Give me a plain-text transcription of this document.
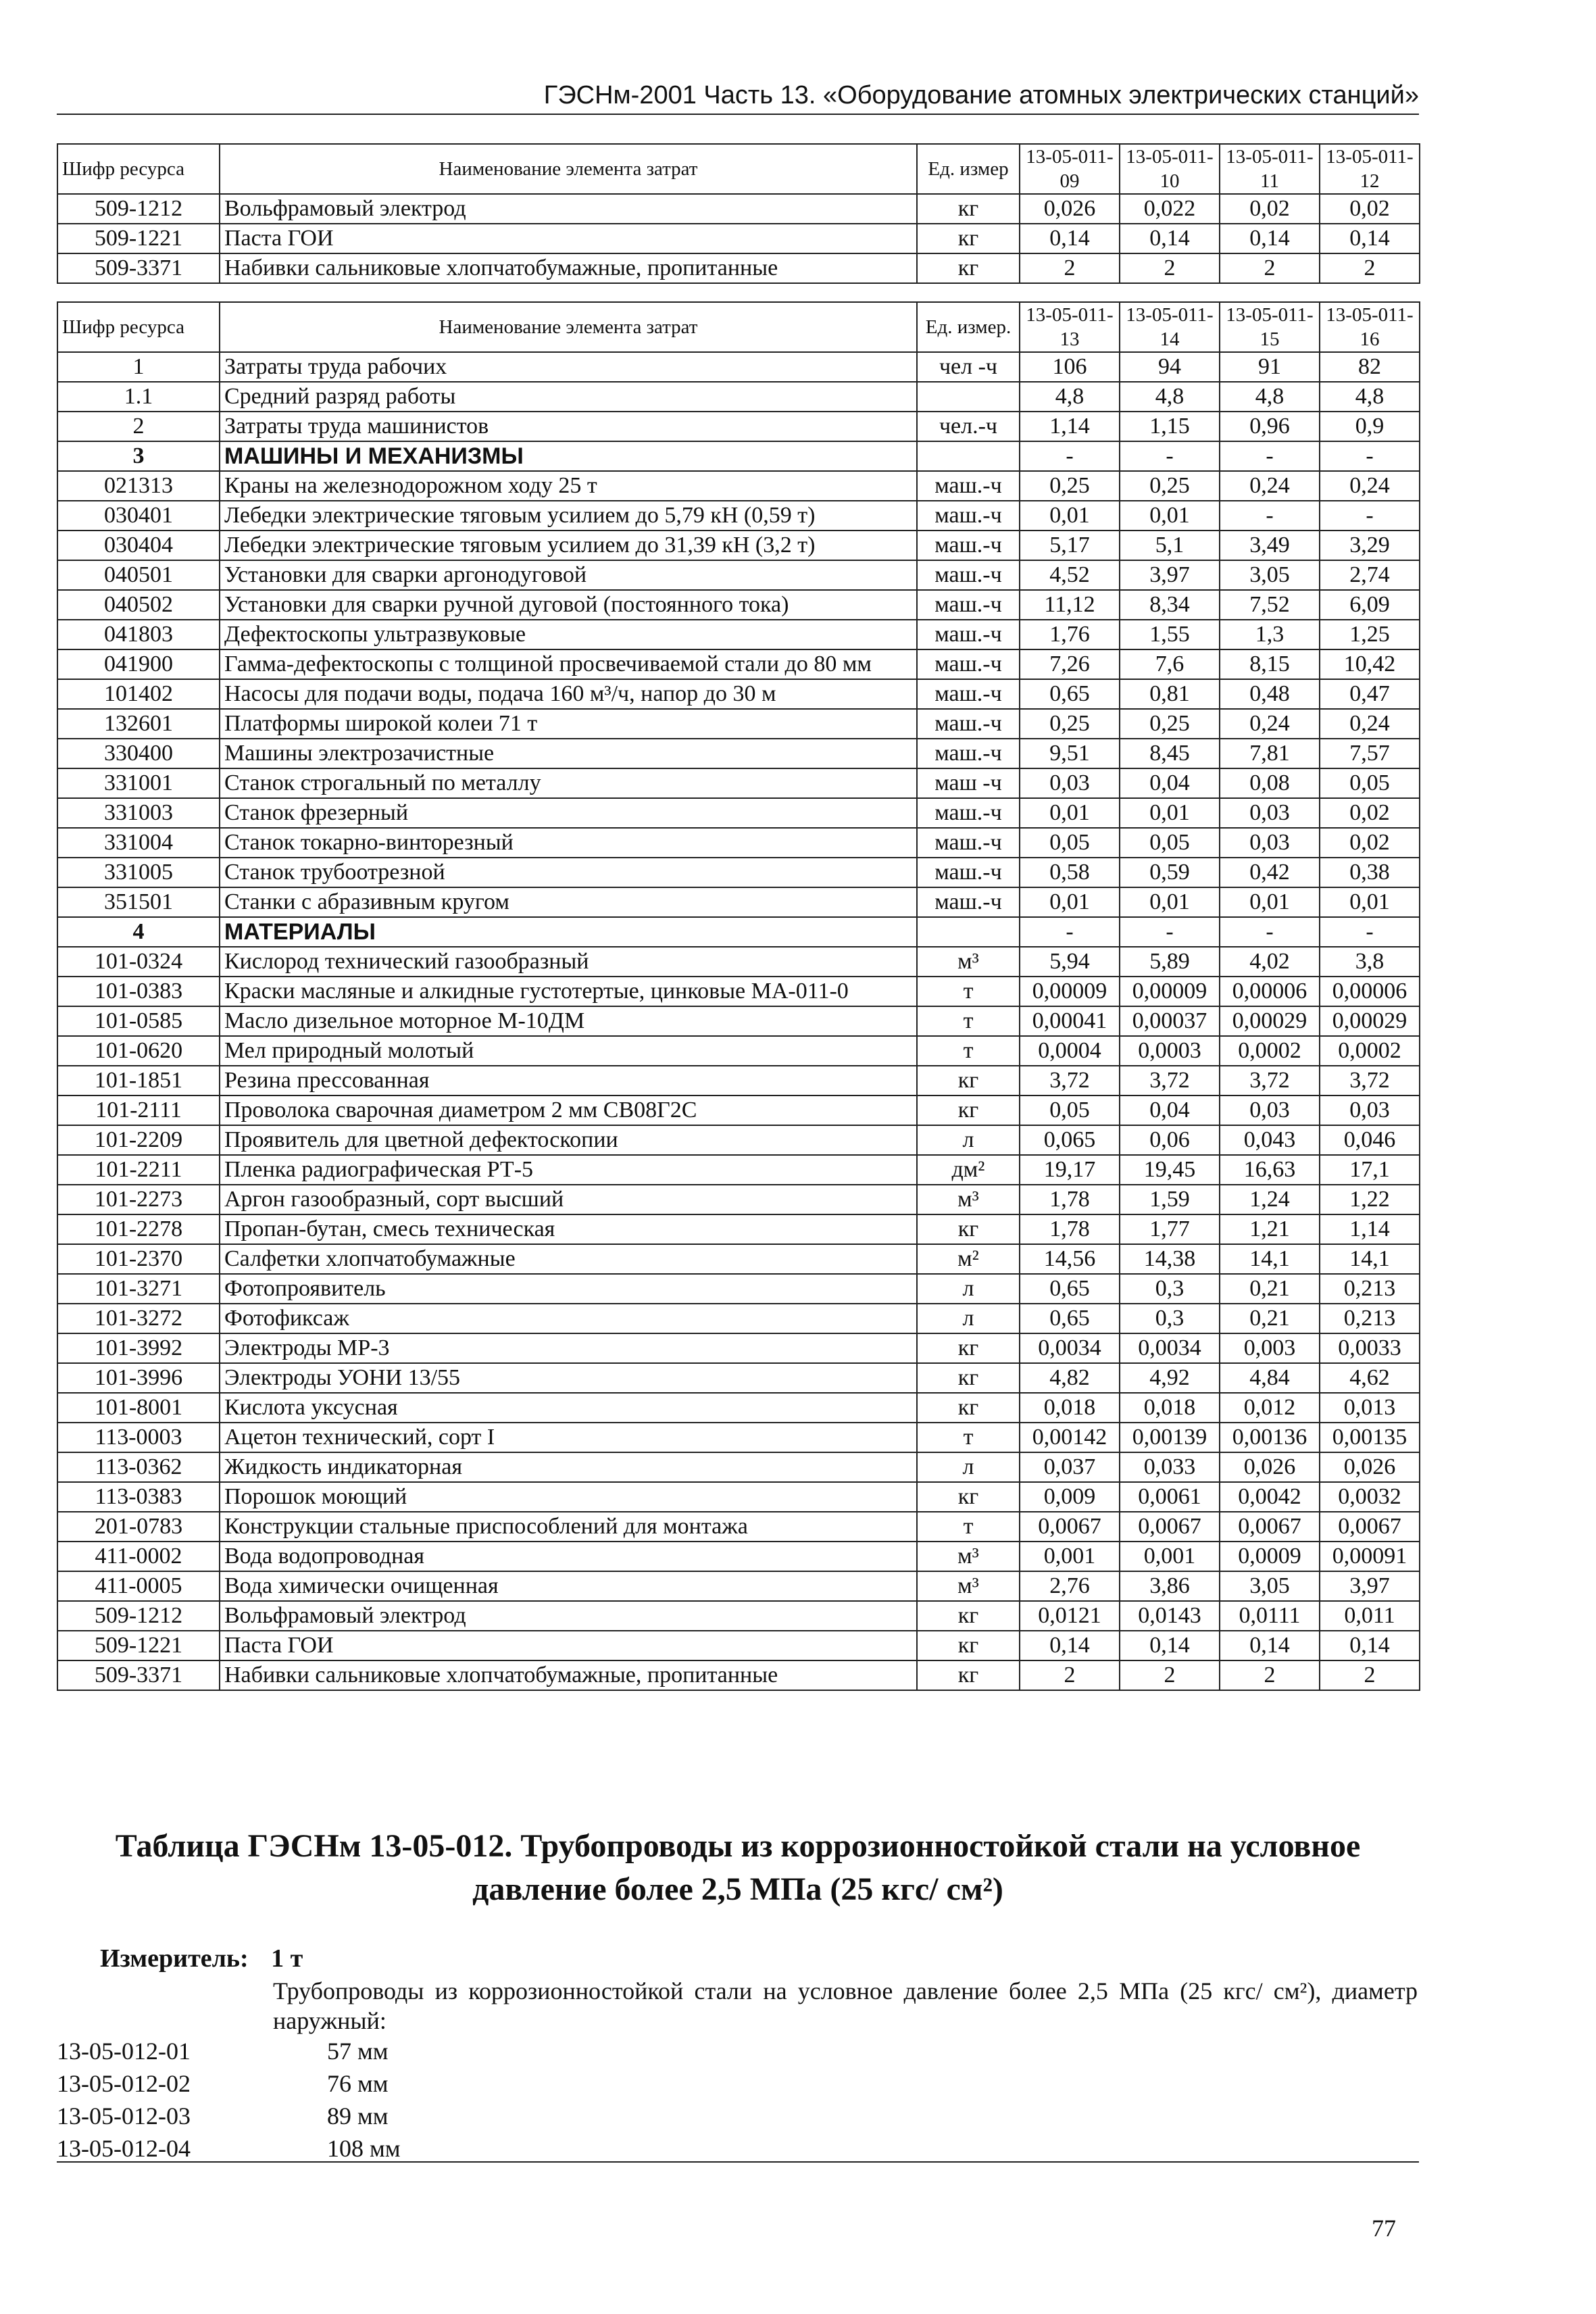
ГЭСНм-2001 Часть 13. «Оборудование атомных электрических станций»
Шифр ресурса	Наименование элемента затрат	Ед. измер	13-05-011-09	13-05-011-10	13-05-011-11	13-05-011-12
509-1212	Вольфрамовый электрод	кг	0,026	0,022	0,02	0,02
509-1221	Паста ГОИ	кг	0,14	0,14	0,14	0,14
509-3371	Набивки сальниковые хлопчатобумажные, пропитанные	кг	2	2	2	2
Шифр ресурса	Наименование элемента затрат	Ед. измер.	13-05-011-13	13-05-011-14	13-05-011-15	13-05-011-16
1	Затраты труда рабочих	чел -ч	106	94	91	82
1.1	Средний разряд работы		4,8	4,8	4,8	4,8
2	Затраты труда машинистов	чел.-ч	1,14	1,15	0,96	0,9
3	МАШИНЫ И МЕХАНИЗМЫ		-	-	-	-
021313	Краны на железнодорожном ходу 25 т	маш.-ч	0,25	0,25	0,24	0,24
030401	Лебедки электрические тяговым усилием до 5,79 кН (0,59 т)	маш.-ч	0,01	0,01	-	-
030404	Лебедки электрические тяговым усилием до 31,39 кН (3,2 т)	маш.-ч	5,17	5,1	3,49	3,29
040501	Установки для сварки аргонодуговой	маш.-ч	4,52	3,97	3,05	2,74
040502	Установки для сварки ручной дуговой (постоянного тока)	маш.-ч	11,12	8,34	7,52	6,09
041803	Дефектоскопы ультразвуковые	маш.-ч	1,76	1,55	1,3	1,25
041900	Гамма-дефектоскопы с толщиной просвечиваемой стали до 80 мм	маш.-ч	7,26	7,6	8,15	10,42
101402	Насосы для подачи воды, подача 160 м³/ч, напор до 30 м	маш.-ч	0,65	0,81	0,48	0,47
132601	Платформы широкой колеи 71 т	маш.-ч	0,25	0,25	0,24	0,24
330400	Машины электрозачистные	маш.-ч	9,51	8,45	7,81	7,57
331001	Станок строгальный по металлу	маш -ч	0,03	0,04	0,08	0,05
331003	Станок фрезерный	маш.-ч	0,01	0,01	0,03	0,02
331004	Станок токарно-винторезный	маш.-ч	0,05	0,05	0,03	0,02
331005	Станок трубоотрезной	маш.-ч	0,58	0,59	0,42	0,38
351501	Станки с абразивным кругом	маш.-ч	0,01	0,01	0,01	0,01
4	МАТЕРИАЛЫ		-	-	-	-
101-0324	Кислород технический газообразный	м³	5,94	5,89	4,02	3,8
101-0383	Краски масляные и алкидные густотертые, цинковые МА-011-0	т	0,00009	0,00009	0,00006	0,00006
101-0585	Масло дизельное моторное М-10ДМ	т	0,00041	0,00037	0,00029	0,00029
101-0620	Мел природный молотый	т	0,0004	0,0003	0,0002	0,0002
101-1851	Резина прессованная	кг	3,72	3,72	3,72	3,72
101-2111	Проволока сварочная диаметром 2 мм СВ08Г2С	кг	0,05	0,04	0,03	0,03
101-2209	Проявитель для цветной дефектоскопии	л	0,065	0,06	0,043	0,046
101-2211	Пленка радиографическая РТ-5	дм²	19,17	19,45	16,63	17,1
101-2273	Аргон газообразный, сорт высший	м³	1,78	1,59	1,24	1,22
101-2278	Пропан-бутан, смесь техническая	кг	1,78	1,77	1,21	1,14
101-2370	Салфетки хлопчатобумажные	м²	14,56	14,38	14,1	14,1
101-3271	Фотопроявитель	л	0,65	0,3	0,21	0,213
101-3272	Фотофиксаж	л	0,65	0,3	0,21	0,213
101-3992	Электроды МР-3	кг	0,0034	0,0034	0,003	0,0033
101-3996	Электроды УОНИ 13/55	кг	4,82	4,92	4,84	4,62
101-8001	Кислота уксусная	кг	0,018	0,018	0,012	0,013
113-0003	Ацетон технический, сорт I	т	0,00142	0,00139	0,00136	0,00135
113-0362	Жидкость индикаторная	л	0,037	0,033	0,026	0,026
113-0383	Порошок моющий	кг	0,009	0,0061	0,0042	0,0032
201-0783	Конструкции стальные приспособлений для монтажа	т	0,0067	0,0067	0,0067	0,0067
411-0002	Вода водопроводная	м³	0,001	0,001	0,0009	0,00091
411-0005	Вода химически очищенная	м³	2,76	3,86	3,05	3,97
509-1212	Вольфрамовый электрод	кг	0,0121	0,0143	0,0111	0,011
509-1221	Паста ГОИ	кг	0,14	0,14	0,14	0,14
509-3371	Набивки сальниковые хлопчатобумажные, пропитанные	кг	2	2	2	2
Таблица ГЭСНм 13-05-012. Трубопроводы из коррозионностойкой стали на условное давление более 2,5 МПа (25 кгс/ см²)
Измеритель: 1 т
Трубопроводы из коррозионностойкой стали на условное давление более 2,5 МПа (25 кгс/ см²), диаметр наружный:
13-05-012-01	57 мм
13-05-012-02	76 мм
13-05-012-03	89 мм
13-05-012-04	108 мм
77
